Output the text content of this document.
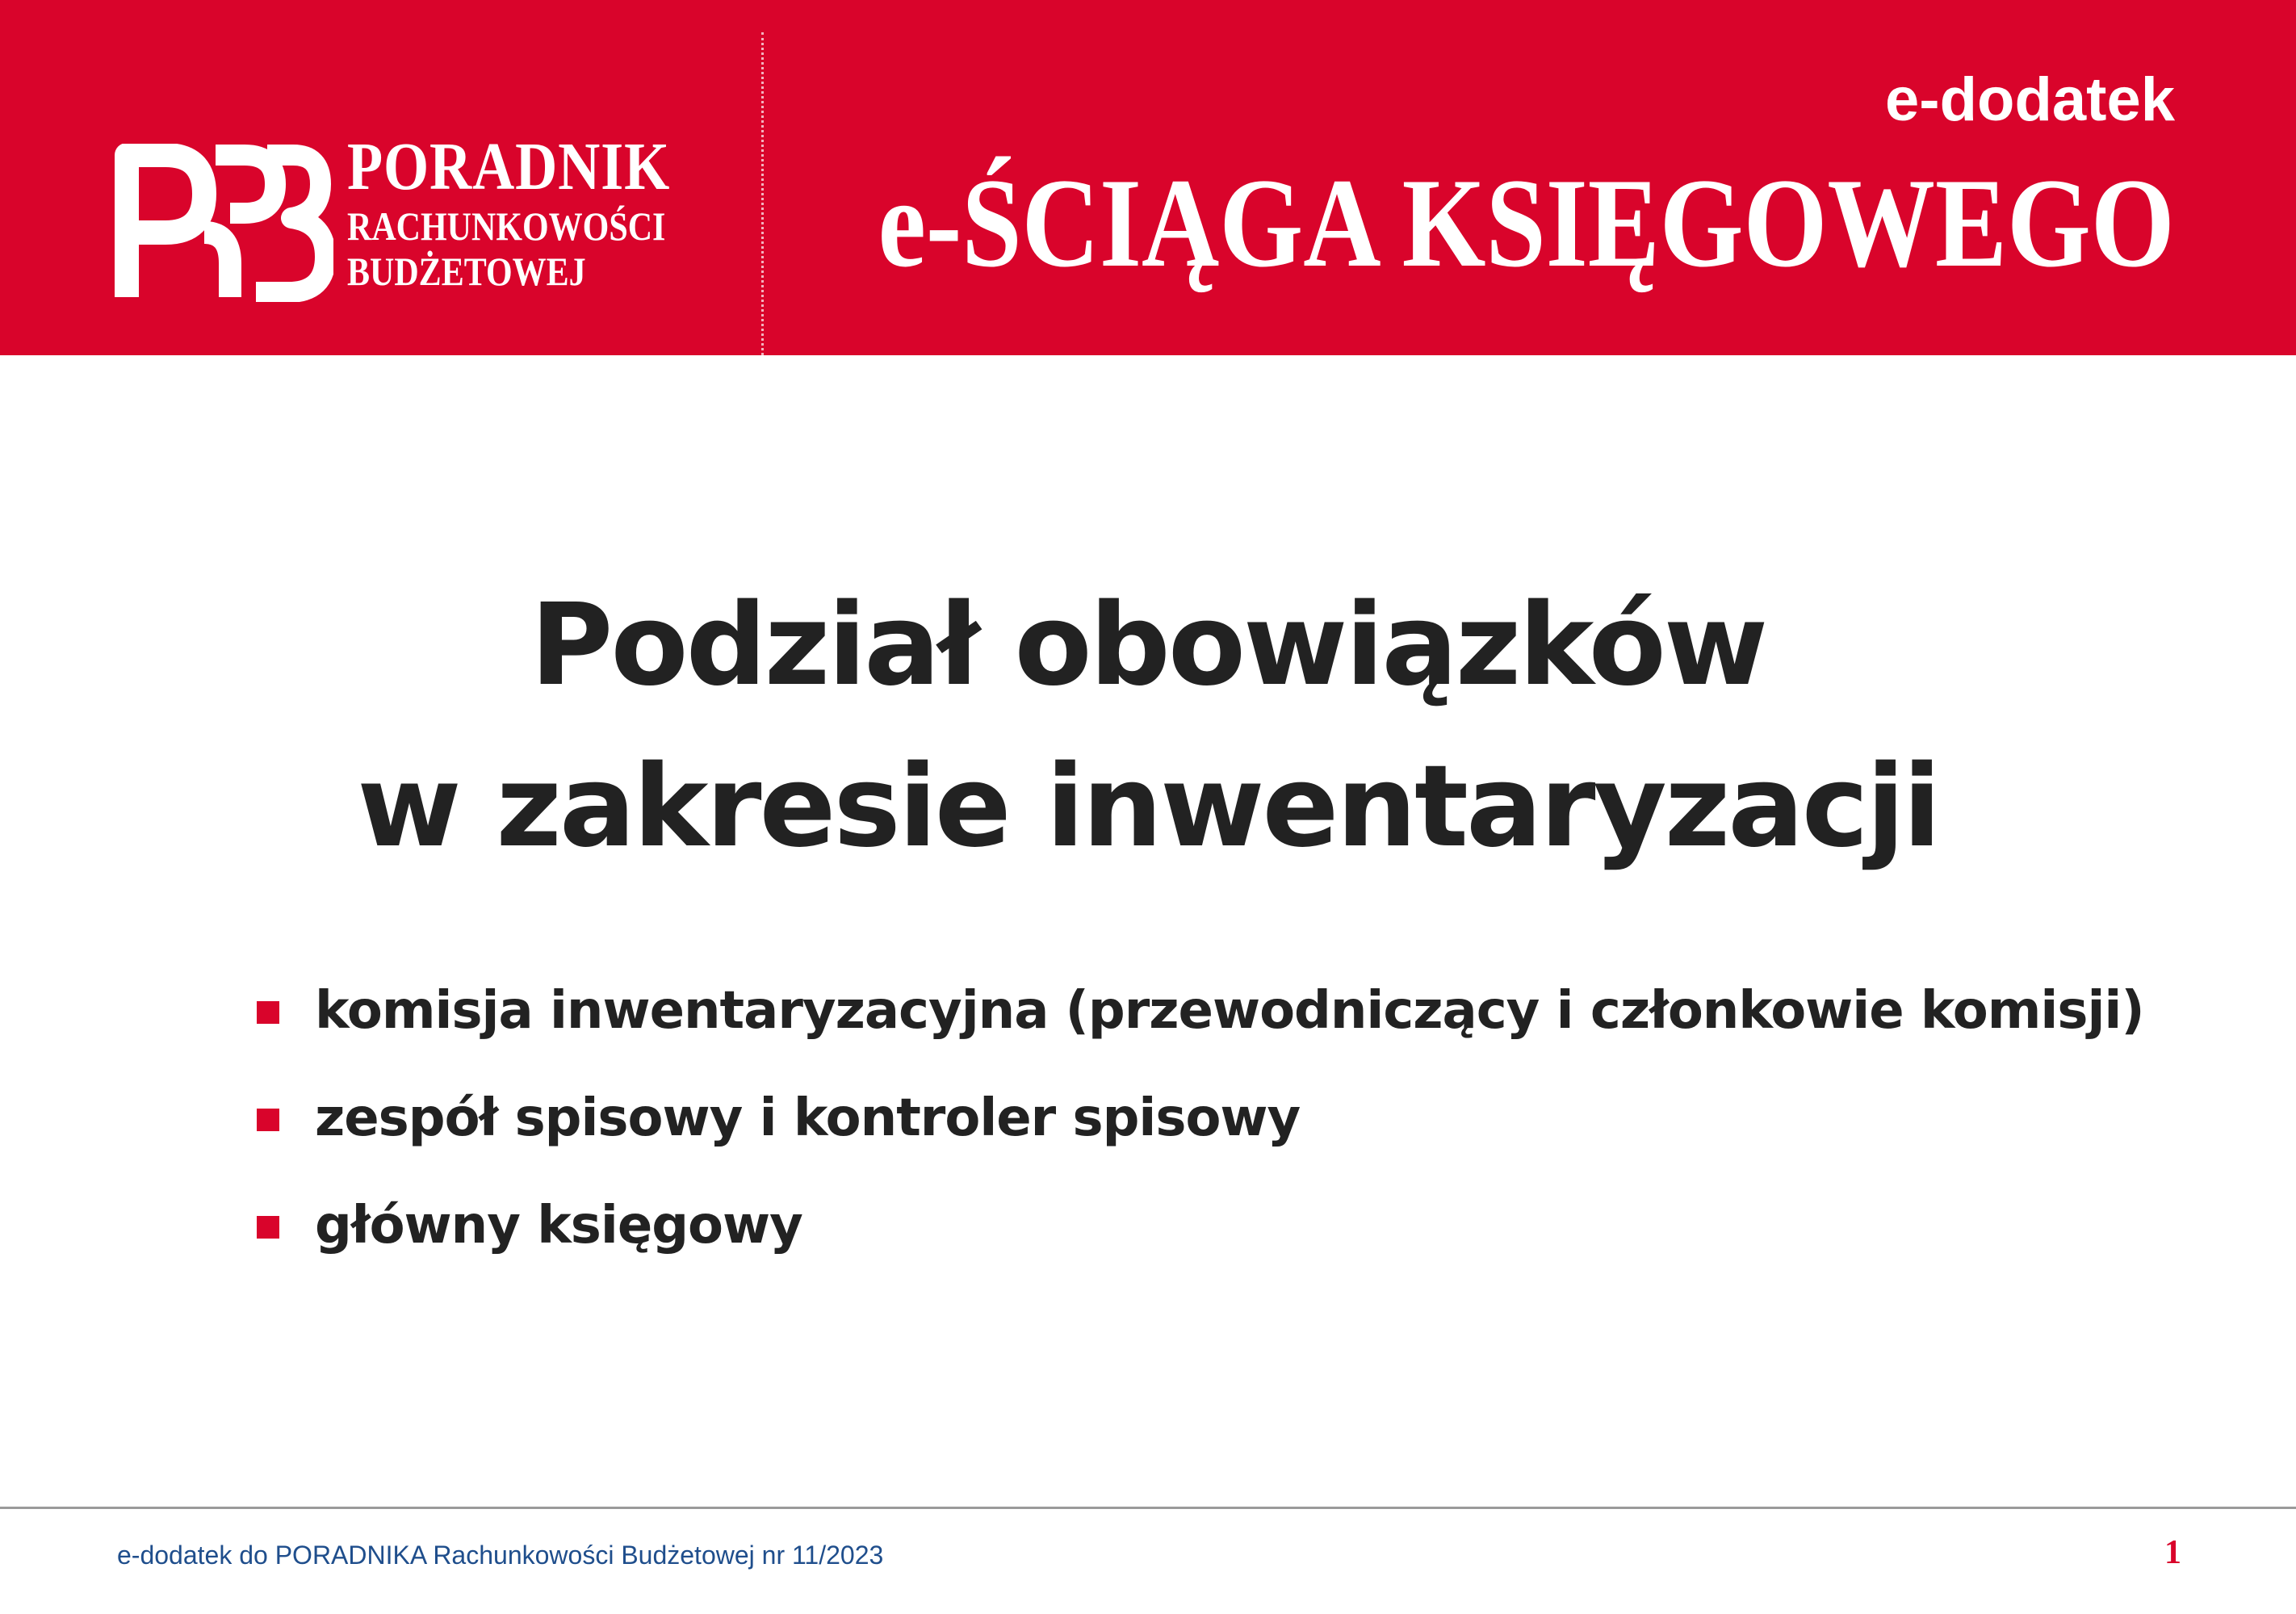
PORADNIK
RACHUNKOWOŚCI
BUDŻETOWEJ
e-dodatek
e-ŚCIĄGA KSIĘGOWEGO
Podział obowiązków
w zakresie inwentaryzacji
komisja inwentaryzacyjna (przewodniczący i członkowie komisji)
zespół spisowy i kontroler spisowy
główny księgowy
e-dodatek do PORADNIKA Rachunkowości Budżetowej nr 11/2023	1
